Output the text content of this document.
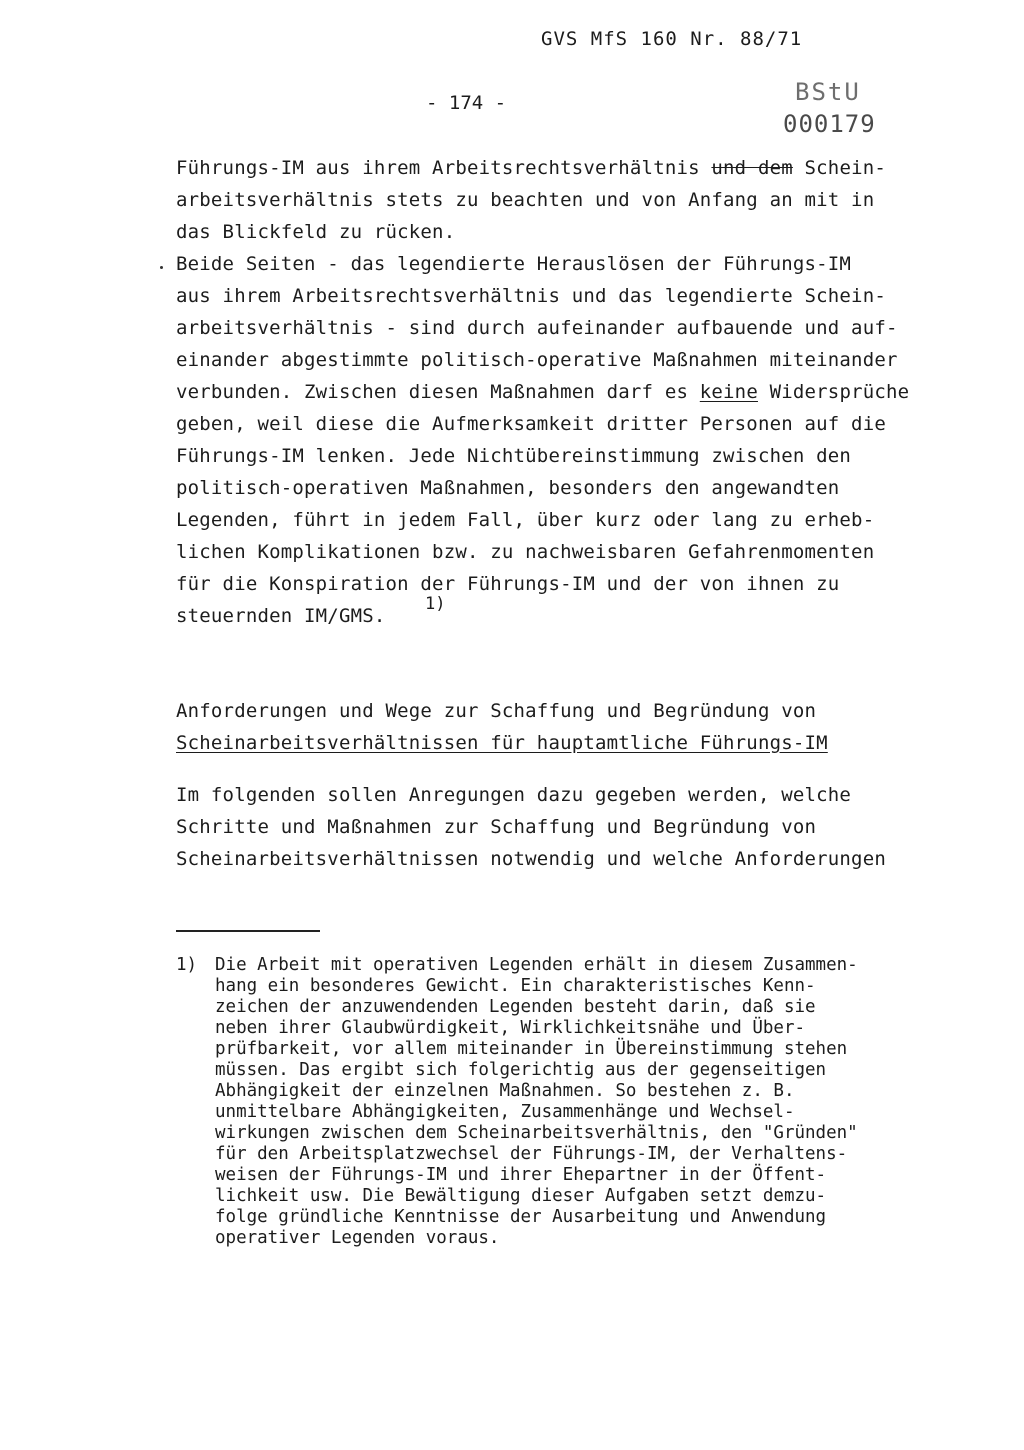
GVS MfS 160 Nr. 88/71
- 174 -	BStU
000179
Führungs-IM aus ihrem Arbeitsrechtsverhältnis und dem Schein-
arbeitsverhältnis stets zu beachten und von Anfang an mit in
das Blickfeld zu rücken.
Beide Seiten - das legendierte Herauslösen der Führungs-IM
aus ihrem Arbeitsrechtsverhältnis und das legendierte Schein-
arbeitsverhältnis - sind durch aufeinander aufbauende und auf-
einander abgestimmte politisch-operative Maßnahmen miteinander
verbunden. Zwischen diesen Maßnahmen darf es keine Widersprüche
geben, weil diese die Aufmerksamkeit dritter Personen auf die
Führungs-IM lenken. Jede Nichtübereinstimmung zwischen den
politisch-operativen Maßnahmen, besonders den angewandten
Legenden, führt in jedem Fall, über kurz oder lang zu erheb-
lichen Komplikationen bzw. zu nachweisbaren Gefahrenmomenten
für die Konspiration der Führungs-IM und der von ihnen zu
steuernden IM/GMS.
1)
Anforderungen und Wege zur Schaffung und Begründung von
Scheinarbeitsverhältnissen für hauptamtliche Führungs-IM
Im folgenden sollen Anregungen dazu gegeben werden, welche
Schritte und Maßnahmen zur Schaffung und Begründung von
Scheinarbeitsverhältnissen notwendig und welche Anforderungen
1) Die Arbeit mit operativen Legenden erhält in diesem Zusammen-
hang ein besonderes Gewicht. Ein charakteristisches Kenn-
zeichen der anzuwendenden Legenden besteht darin, daß sie
neben ihrer Glaubwürdigkeit, Wirklichkeitsnähe und Über-
prüfbarkeit, vor allem miteinander in Übereinstimmung stehen
müssen. Das ergibt sich folgerichtig aus der gegenseitigen
Abhängigkeit der einzelnen Maßnahmen. So bestehen z. B.
unmittelbare Abhängigkeiten, Zusammenhänge und Wechsel-
wirkungen zwischen dem Scheinarbeitsverhältnis, den "Gründen"
für den Arbeitsplatzwechsel der Führungs-IM, der Verhaltens-
weisen der Führungs-IM und ihrer Ehepartner in der Öffent-
lichkeit usw. Die Bewältigung dieser Aufgaben setzt demzu-
folge gründliche Kenntnisse der Ausarbeitung und Anwendung
operativer Legenden voraus.
